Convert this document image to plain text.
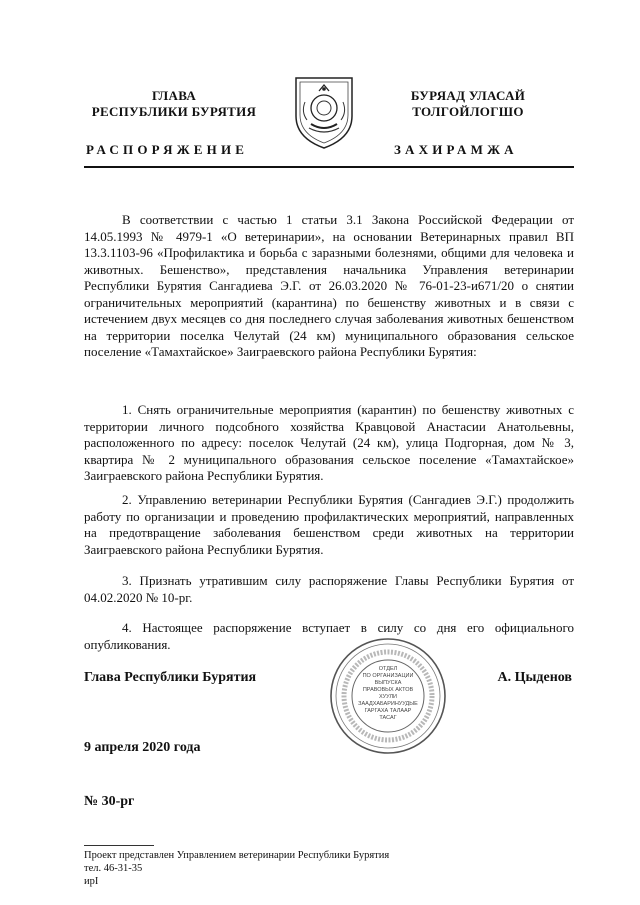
ГЛАВА
РЕСПУБЛИКИ БУРЯТИЯ
БУРЯАД УЛАСАЙ
ТОЛГОЙЛОГШО
РАСПОРЯЖЕНИЕ	ЗАХИРАМЖА

В соответствии с частью 1 статьи 3.1 Закона Российской Федерации от 14.05.1993 № 4979-1 «О ветеринарии», на основании Ветеринарных правил ВП 13.3.1103-96 «Профилактика и борьба с заразными болезнями, общими для человека и животных. Бешенство», представления начальника Управления ветеринарии Республики Бурятия Сангадиева Э.Г. от 26.03.2020 № 76-01-23-и671/20 о снятии ограничительных мероприятий (карантина) по бешенству животных и в связи с истечением двух месяцев со дня последнего случая заболевания животных бешенством на территории поселка Челутай (24 км) муниципального образования сельское поселение «Тамахтайское» Заиграевского района Республики Бурятия:

1. Снять ограничительные мероприятия (карантин) по бешенству животных с территории личного подсобного хозяйства Кравцовой Анастасии Анатольевны, расположенного по адресу: поселок Челутай (24 км), улица Подгорная, дом № 3, квартира № 2 муниципального образования сельское поселение «Тамахтайское» Заиграевского района Республики Бурятия.

2. Управлению ветеринарии Республики Бурятия (Сангадиев Э.Г.) продолжить работу по организации и проведению профилактических мероприятий, направленных на предотвращение заболевания бешенством среди животных на территории Заиграевского района Республики Бурятия.

3. Признать утратившим силу распоряжение Главы Республики Бурятия от 04.02.2020 № 10-рг.

4. Настоящее распоряжение вступает в силу со дня его официального опубликования.

Глава Республики Бурятия
ОТДЕЛ
ПО ОРГАНИЗАЦИИ
ВЫПУСКА
ПРАВОВЫХ АКТОВ
ХУУЛИ
ЗААДХАБАРИНУУДЫЕ
ГАРГАХА ТАЛААР
ТАСАГ
А. Цыденов
9 апреля 2020 года
№ 30-рг
Проект представлен Управлением ветеринарии Республики Бурятия
тел. 46-31-35
ирI
